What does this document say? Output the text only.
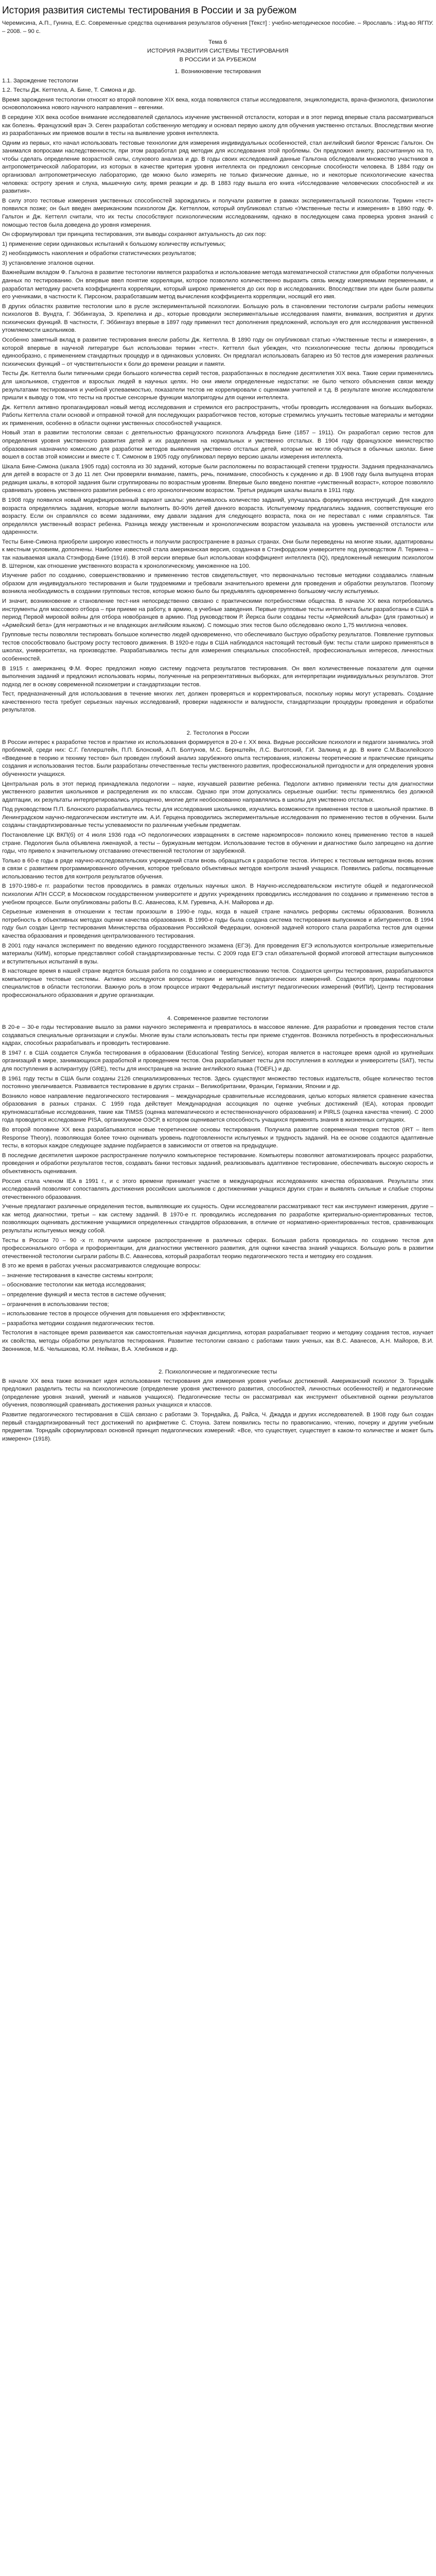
История развития системы тестирования в России и за рубежом

Черемисина, А.П., Гунина, Е.С. Современные средства оценивания результатов обучения [Текст] : учебно-методическое пособие. – Ярославль : Изд-во ЯГПУ. – 2008. – 90 с.

Тема 6
ИСТОРИЯ РАЗВИТИЯ СИСТЕМЫ ТЕСТИРОВАНИЯ
В РОССИИ И ЗА РУБЕЖОМ
1. Возникновение тестирования

1.1. Зарождение тестологии

1.2. Тесты Дж. Кеттелла, А. Бине, Т. Симона и др.

Время зарождения тестологии относят ко второй половине XIX века, когда появляются статьи исследователя, энциклопедиста, врача-физиолога, физиологии основоположника нового научного направления – евгеники.

В середине XIX века особое внимание исследователей сделалось изучение умственной отсталости, которая и в этот период впервые стала рассматриваться как болезнь. Французский врач Э. Сеген разработал собственную методику и основал первую школу для обучения умственно отсталых. Впоследствии многие из разработанных им приемов вошли в тесты на выявление уровня интеллекта.

Одним из первых, кто начал использовать тестовые технологии для измерения индивидуальных особенностей, стал английский биолог Френсис Гальтон. Он занимался вопросами наследственности, при этом разработал ряд методик для исследования этой проблемы. Он предложил анкету, рассчитанную на то, чтобы сделать определение возрастной силы, слухового анализа и др. В годы своих исследований данные Гальтона обследовали множество участников в антропометрической лаборатории, из которых в качестве критерия уровня интеллекта он предложил сенсорные способности человека. В 1884 году он организовал антропометрическую лабораторию, где можно было измерять не только физические данные, но и некоторые психологические качества человека: остроту зрения и слуха, мышечную силу, время реакции и др. В 1883 году вышла его книга «Исследование человеческих способностей и их развития».

В силу этого тестовые измерения умственных способностей зарождались и получали развитие в рамках экспериментальной психологии. Термин «тест» появился позже; он был введен американским психологом Дж. Кеттеллом, который опубликовал статью «Умственные тесты и измерения» в 1890 году. Ф. Гальтон и Дж. Кеттелл считали, что их тесты способствуют психологическим исследованиям, однако в последующем сама проверка уровня знаний с помощью тестов была доведена до уровня измерения.

Он сформулировал три принципа тестирования, эти выводы сохраняют актуальность до сих пор:

1) применение серии одинаковых испытаний к большому количеству испытуемых;

2) необходимость накопления и обработки статистических результатов;

3) установление эталонов оценки.

Важнейшим вкладом Ф. Гальтона в развитие тестологии является разработка и использование метода математической статистики для обработки полученных данных по тестированию. Он впервые ввел понятие корреляции, которое позволило количественно выразить связь между измеряемыми переменными, и разработал методику расчета коэффициента корреляции, который широко применяется до сих пор в исследованиях. Впоследствии эти идеи были развиты его учениками, в частности К. Пирсоном, разработавшим метод вычисления коэффициента корреляции, носящий его имя.

В других областях развитие тестологии шло в русле экспериментальной психологии. Большую роль в становлении тестологии сыграли работы немецких психологов В. Вундта, Г. Эббингауза, Э. Крепелина и др., которые проводили экспериментальные исследования памяти, внимания, восприятия и других психических функций. В частности, Г. Эббингауз впервые в 1897 году применил тест дополнения предложений, используя его для исследования умственной утомляемости школьников.

Особенно заметный вклад в развитие тестирования внесли работы Дж. Кеттелла. В 1890 году он опубликовал статью «Умственные тесты и измерения», в которой впервые в научной литературе был использован термин «тест». Кеттелл был убежден, что психологические тесты должны проводиться единообразно, с применением стандартных процедур и в одинаковых условиях. Он предлагал использовать батарею из 50 тестов для измерения различных психических функций – от чувствительности к боли до времени реакции и памяти.

Тесты Дж. Кеттелла были типичными среди большого количества серий тестов, разработанных в последние десятилетия XIX века. Такие серии применялись для школьников, студентов и взрослых людей в научных целях. Но они имели определенные недостатки: не было четкого объяснения связи между результатами тестирования и учебной успеваемостью, показатели тестов не коррелировали с оценками учителей и т.д. В результате многие исследователи пришли к выводу о том, что тесты на простые сенсорные функции малопригодны для оценки интеллекта.

Дж. Кеттелл активно пропагандировал новый метод исследования и стремился его распространить, чтобы проводить исследования на больших выборках. Работы Кеттелла стали основой и отправной точкой для последующих разработчиков тестов, которые стремились улучшить тестовые материалы и методики их применения, особенно в области оценки умственных способностей учащихся.

Новый этап в развитии тестологии связан с деятельностью французского психолога Альфреда Бине (1857 – 1911). Он разработал серию тестов для определения уровня умственного развития детей и их разделения на нормальных и умственно отсталых. В 1904 году французское министерство образования назначило комиссию для разработки методов выявления умственно отсталых детей, которые не могли обучаться в обычных школах. Бине вошел в состав этой комиссии и вместе с Т. Симоном в 1905 году опубликовал первую версию шкалы измерения интеллекта.

Шкала Бине-Симона (шкала 1905 года) состояла из 30 заданий, которые были расположены по возрастающей степени трудности. Задания предназначались для детей в возрасте от 3 до 11 лет. Они проверяли внимание, память, речь, понимание, способность к суждению и др. В 1908 году была выпущена вторая редакция шкалы, в которой задания были сгруппированы по возрастным уровням. Впервые было введено понятие «умственный возраст», которое позволяло сравнивать уровень умственного развития ребенка с его хронологическим возрастом. Третья редакция шкалы вышла в 1911 году.

В 1908 году появился новый модифицированный вариант шкалы: увеличивалось количество заданий, улучшалась формулировка инструкций. Для каждого возраста определялись задания, которые могли выполнить 80-90% детей данного возраста. Испытуемому предлагались задания, соответствующие его возрасту. Если он справлялся со всеми заданиями, ему давали задания для следующего возраста, пока он не переставал с ними справляться. Так определялся умственный возраст ребенка. Разница между умственным и хронологическим возрастом указывала на уровень умственной отсталости или одаренности.

Тесты Бине-Симона приобрели широкую известность и получили распространение в разных странах. Они были переведены на многие языки, адаптированы к местным условиям, дополнены. Наиболее известной стала американская версия, созданная в Стэнфордском университете под руководством Л. Термена – так называемая шкала Стэнфорд-Бине (1916). В этой версии впервые был использован коэффициент интеллекта (IQ), предложенный немецким психологом В. Штерном, как отношение умственного возраста к хронологическому, умноженное на 100.

Изучение работ по созданию, совершенствованию и применению тестов свидетельствует, что первоначально тестовые методики создавались главным образом для индивидуального тестирования и были трудоемкими и требовали значительного времени для проведения и обработки результатов. Поэтому возникла необходимость в создании групповых тестов, которые можно было бы предъявлять одновременно большому числу испытуемых.

И значит, возникновение и становление тест-ния непосредственно связано с практическими потребностями общества. В начале XX века потребовались инструменты для массового отбора – при приеме на работу, в армию, в учебные заведения. Первые групповые тесты интеллекта были разработаны в США в период Первой мировой войны для отбора новобранцев в армию. Под руководством Р. Йеркса были созданы тесты «Армейский альфа» (для грамотных) и «Армейский бета» (для неграмотных и не владеющих английским языком). С помощью этих тестов было обследовано около 1,75 миллиона человек.

Групповые тесты позволяли тестировать большое количество людей одновременно, что обеспечивало быструю обработку результатов. Появление групповых тестов способствовало быстрому росту тестового движения. В 1920-е годы в США наблюдался настоящий тестовый бум: тесты стали широко применяться в школах, университетах, на производстве. Разрабатывались тесты для измерения специальных способностей, профессиональных интересов, личностных особенностей.

В 1915 г. американец Ф.М. Форес предложил новую систему подсчета результатов тестирования. Он ввел количественные показатели для оценки выполнения заданий и предложил использовать нормы, полученные на репрезентативных выборках, для интерпретации индивидуальных результатов. Этот подход лег в основу современной психометрии и стандартизации тестов.

Тест, предназначенный для использования в течение многих лет, должен проверяться и корректироваться, поскольку нормы могут устаревать. Создание качественного теста требует серьезных научных исследований, проверки надежности и валидности, стандартизации процедуры проведения и обработки результатов.

2. Тестология в России

В России интерес к разработке тестов и практике их использования формируется в 20-е г. XX века. Видные российские психологи и педагоги занимались этой проблемой, среди них: С.Г. Геллерштейн, П.П. Блонский, А.П. Болтунов, М.С. Бернштейн, Л.С. Выготский, Г.И. Залкинд и др. В книге С.М.Василейского «Введение в теорию и технику тестов» был проведен глубокий анализ зарубежного опыта тестирования, изложены теоретические и практические принципы создания и использования тестов. Были разработаны отечественные тесты умственного развития, профессиональной пригодности и для определения уровня обученности учащихся.

Центральная роль в этот период принадлежала педологии – науке, изучавшей развитие ребенка. Педологи активно применяли тесты для диагностики умственного развития школьников и распределения их по классам. Однако при этом допускались серьезные ошибки: тесты применялись без должной адаптации, их результаты интерпретировались упрощенно, многие дети необоснованно направлялись в школы для умственно отсталых.

Под руководством П.П. Блонского разрабатывались тесты для исследования школьников, изучались возможности применения тестов в школьной практике. В Ленинградском научно-педагогическом институте им. А.И. Герцена проводились экспериментальные исследования по применению тестов в обучении. Были созданы стандартизированные тесты успеваемости по различным учебным предметам.

Постановление ЦК ВКП(б) от 4 июля 1936 года «О педологических извращениях в системе наркомпросов» положило конец применению тестов в нашей стране. Педология была объявлена лженаукой, а тесты – буржуазным методом. Использование тестов в обучении и диагностике было запрещено на долгие годы, что привело к значительному отставанию отечественной тестологии от зарубежной.

Только в 60-е годы в ряде научно-исследовательских учреждений стали вновь обращаться к разработке тестов. Интерес к тестовым методикам вновь возник в связи с развитием программированного обучения, которое требовало объективных методов контроля знаний учащихся. Появились работы, посвященные использованию тестов для контроля результатов обучения.

В 1970-1980-е гг. разработки тестов проводились в рамках отдельных научных школ. В Научно-исследовательском институте общей и педагогической психологии АПН СССР, в Московском государственном университете и других учреждениях проводились исследования по созданию и применению тестов в учебном процессе. Были опубликованы работы В.С. Аванесова, К.М. Гуревича, А.Н. Майорова и др.

Серьезные изменения в отношении к тестам произошли в 1990-е годы, когда в нашей стране начались реформы системы образования. Возникла потребность в объективных методах оценки качества образования. В 1990-е годы была создана система тестирования выпускников и абитуриентов. В 1994 году был создан Центр тестирования Министерства образования Российской Федерации, основной задачей которого стала разработка тестов для оценки качества образования и проведения централизованного тестирования.

В 2001 году начался эксперимент по введению единого государственного экзамена (ЕГЭ). Для проведения ЕГЭ используются контрольные измерительные материалы (КИМ), которые представляют собой стандартизированные тесты. С 2009 года ЕГЭ стал обязательной формой итоговой аттестации выпускников и вступительных испытаний в вузы.

В настоящее время в нашей стране ведется большая работа по созданию и совершенствованию тестов. Создаются центры тестирования, разрабатываются компьютерные тестовые системы. Активно исследуются вопросы теории и методики педагогических измерений. Создаются программы подготовки специалистов в области тестологии. Важную роль в этом процессе играют Федеральный институт педагогических измерений (ФИПИ), Центр тестирования профессионального образования и другие организации.

4. Современное развитие тестологии

В 20-е – 30-е годы тестирование вышло за рамки научного эксперимента и превратилось в массовое явление. Для разработки и проведения тестов стали создаваться специальные организации и службы. Многие вузы стали использовать тесты при приеме студентов. Возникла потребность в профессиональных кадрах, способных разрабатывать и проводить тестирование.

В 1947 г. в США создается Служба тестирования в образовании (Educational Testing Service), которая является в настоящее время одной из крупнейших организаций в мире, занимающихся разработкой и проведением тестов. Она разрабатывает тесты для поступления в колледжи и университеты (SAT), тесты для поступления в аспирантуру (GRE), тесты для иностранцев на знание английского языка (TOEFL) и др.

В 1961 году тесты в США были созданы 2126 специализированных тестов. Здесь существуют множество тестовых издательств, общее количество тестов постоянно увеличивается. Развивается тестирование в других странах – Великобритании, Франции, Германии, Японии и др.

Возникло новое направление педагогического тестирования – международные сравнительные исследования, целью которых является сравнение качества образования в разных странах. С 1959 года действует Международная ассоциация по оценке учебных достижений (IEA), которая проводит крупномасштабные исследования, такие как TIMSS (оценка математического и естественнонаучного образования) и PIRLS (оценка качества чтения). С 2000 года проводится исследование PISA, организуемое ОЭСР, в котором оценивается способность учащихся применять знания в жизненных ситуациях.

Во второй половине XX века разрабатываются новые теоретические основы тестирования. Получила развитие современная теория тестов (IRT – Item Response Theory), позволяющая более точно оценивать уровень подготовленности испытуемых и трудность заданий. На ее основе создаются адаптивные тесты, в которых каждое следующее задание подбирается в зависимости от ответов на предыдущие.

В последние десятилетия широкое распространение получило компьютерное тестирование. Компьютеры позволяют автоматизировать процесс разработки, проведения и обработки результатов тестов, создавать банки тестовых заданий, реализовывать адаптивное тестирование, обеспечивать высокую скорость и объективность оценивания.

Россия стала членом IEA в 1991 г., и с этого времени принимает участие в международных исследованиях качества образования. Результаты этих исследований позволяют сопоставлять достижения российских школьников с достижениями учащихся других стран и выявлять сильные и слабые стороны отечественного образования.

Ученые предлагают различные определения тестов, выявляющие их сущность. Одни исследователи рассматривают тест как инструмент измерения, другие – как метод диагностики, третьи – как систему заданий. В 1970-е гг. проводились исследования по разработке критериально-ориентированных тестов, позволяющих оценивать достижение учащимися определенных стандартов образования, в отличие от нормативно-ориентированных тестов, сравнивающих результаты испытуемых между собой.

Тесты в России 70 – 90 -х гг. получили широкое распространение в различных сферах. Большая работа проводилась по созданию тестов для профессионального отбора и профориентации, для диагностики умственного развития, для оценки качества знаний учащихся. Большую роль в развитии отечественной тестологии сыграли работы В.С. Аванесова, который разработал теорию педагогического теста и методику его создания.

В это же время в работах ученых рассматриваются следующие вопросы:

– значение тестирования в качестве системы контроля;

– обоснование тестологии как метода исследования;

– определение функций и места тестов в системе обучения;

– ограничения в использовании тестов;

– использование тестов в процессе обучения для повышения его эффективности;

– разработка методики создания педагогических тестов.

Тестология в настоящее время развивается как самостоятельная научная дисциплина, которая разрабатывает теорию и методику создания тестов, изучает их свойства, методы обработки результатов тестирования. Развитие тестологии связано с работами таких ученых, как В.С. Аванесов, А.Н. Майоров, В.И. Звонников, М.Б. Челышкова, Ю.М. Нейман, В.А. Хлебников и др.

2. Психологические и педагогические тесты

В начале XX века также возникает идея использования тестирования для измерения уровня учебных достижений. Американский психолог Э. Торндайк предложил разделить тесты на психологические (определение уровня умственного развития, способностей, личностных особенностей) и педагогические (определение уровня знаний, умений и навыков учащихся). Педагогические тесты он рассматривал как инструмент объективной оценки результатов обучения, позволяющий сравнивать достижения разных учащихся и классов.

Развитие педагогического тестирования в США связано с работами Э. Торндайка, Д. Райса, Ч. Джадда и других исследователей. В 1908 году был создан первый стандартизированный тест достижений по арифметике С. Стоуна. Затем появились тесты по правописанию, чтению, почерку и другим учебным предметам. Торндайк сформулировал основной принцип педагогических измерений: «Все, что существует, существует в каком-то количестве и может быть измерено» (1918).
